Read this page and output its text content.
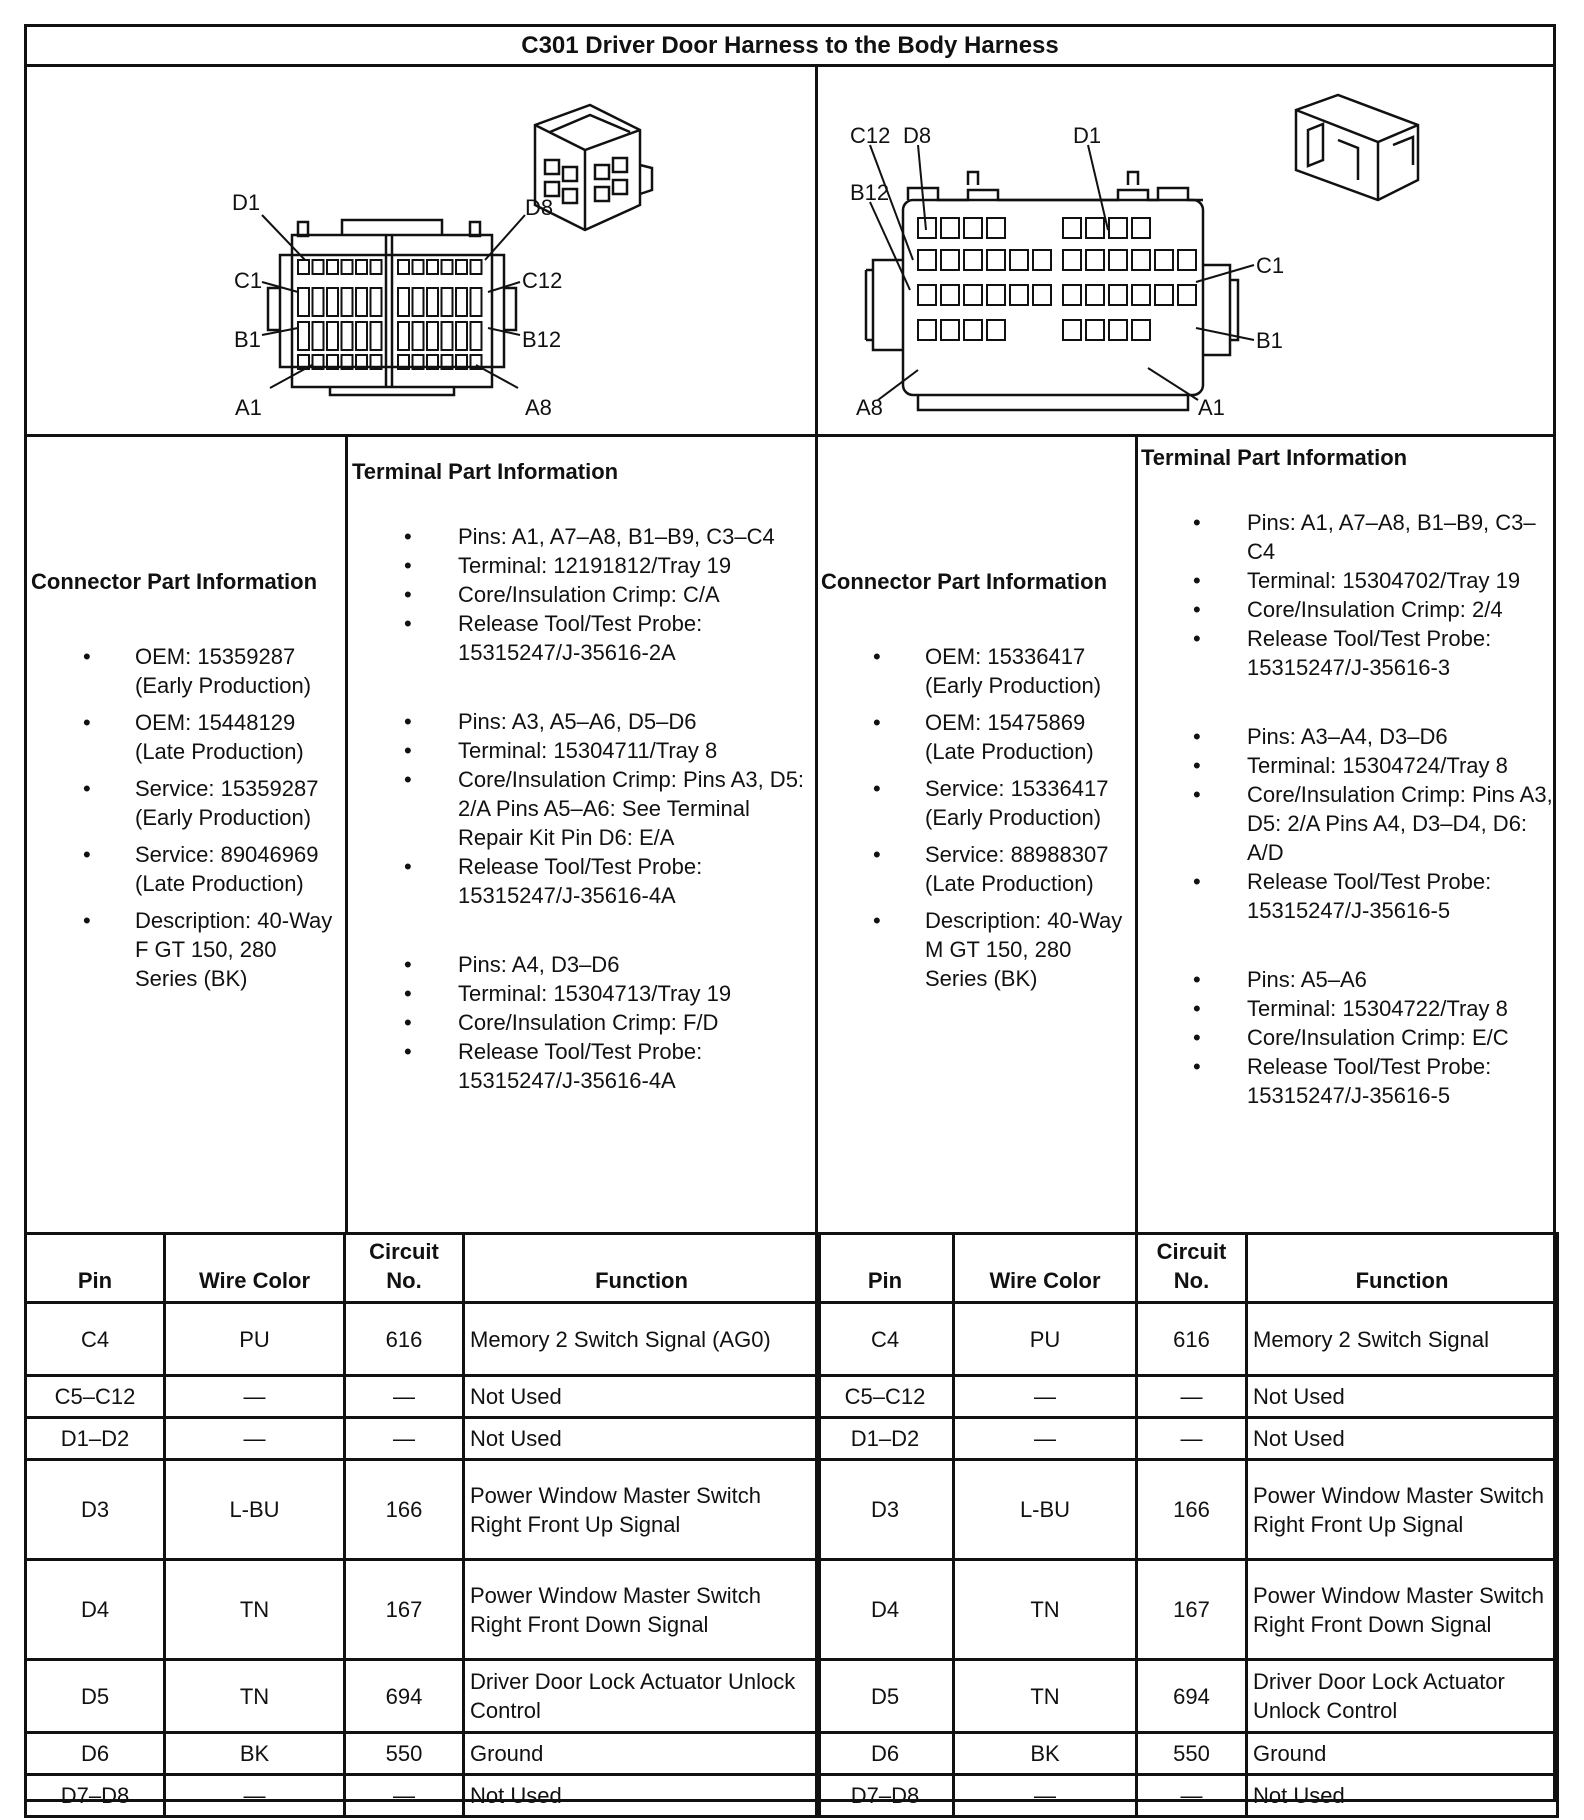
C301 Driver Door Harness to the Body Harness
D1
C1
B1
A1
D8
C12
B12
A8
C12 D8	D1
B12
C1
B1
A8	A1
Connector Part Information
• OEM: 15359287 (Early Production)
• OEM: 15448129 (Late Production)
• Service: 15359287 (Early Production)
• Service: 89046969 (Late Production)
• Description: 40-Way F GT 150, 280 Series (BK)
Terminal Part Information
• Pins: A1, A7–A8, B1–B9, C3–C4
• Terminal: 12191812/Tray 19
• Core/Insulation Crimp: C/A
• Release Tool/Test Probe: 15315247/J-35616-2A
• Pins: A3, A5–A6, D5–D6
• Terminal: 15304711/Tray 8
• Core/Insulation Crimp: Pins A3, D5: 2/A Pins A5–A6: See Terminal Repair Kit Pin D6: E/A
• Release Tool/Test Probe: 15315247/J-35616-4A
• Pins: A4, D3–D6
• Terminal: 15304713/Tray 19
• Core/Insulation Crimp: F/D
• Release Tool/Test Probe: 15315247/J-35616-4A
Connector Part Information
• OEM: 15336417 (Early Production)
• OEM: 15475869 (Late Production)
• Service: 15336417 (Early Production)
• Service: 88988307 (Late Production)
• Description: 40-Way M GT 150, 280 Series (BK)
Terminal Part Information
• Pins: A1, A7–A8, B1–B9, C3–C4
• Terminal: 15304702/Tray 19
• Core/Insulation Crimp: 2/4
• Release Tool/Test Probe: 15315247/J-35616-3
• Pins: A3–A4, D3–D6
• Terminal: 15304724/Tray 8
• Core/Insulation Crimp: Pins A3, D5: 2/A Pins A4, D3–D4, D6: A/D
• Release Tool/Test Probe: 15315247/J-35616-5
• Pins: A5–A6
• Terminal: 15304722/Tray 8
• Core/Insulation Crimp: E/C
• Release Tool/Test Probe: 15315247/J-35616-5
Pin	Wire Color	Circuit No.	Function
C4	PU	616	Memory 2 Switch Signal (AG0)
C5–C12	—	—	Not Used
D1–D2	—	—	Not Used
D3	L-BU	166	Power Window Master Switch Right Front Up Signal
D4	TN	167	Power Window Master Switch Right Front Down Signal
D5	TN	694	Driver Door Lock Actuator Unlock Control
D6	BK	550	Ground
D7–D8	—	—	Not Used
Pin	Wire Color	Circuit No.	Function
C4	PU	616	Memory 2 Switch Signal
C5–C12	—	—	Not Used
D1–D2	—	—	Not Used
D3	L-BU	166	Power Window Master Switch Right Front Up Signal
D4	TN	167	Power Window Master Switch Right Front Down Signal
D5	TN	694	Driver Door Lock Actuator Unlock Control
D6	BK	550	Ground
D7–D8	—	—	Not Used
